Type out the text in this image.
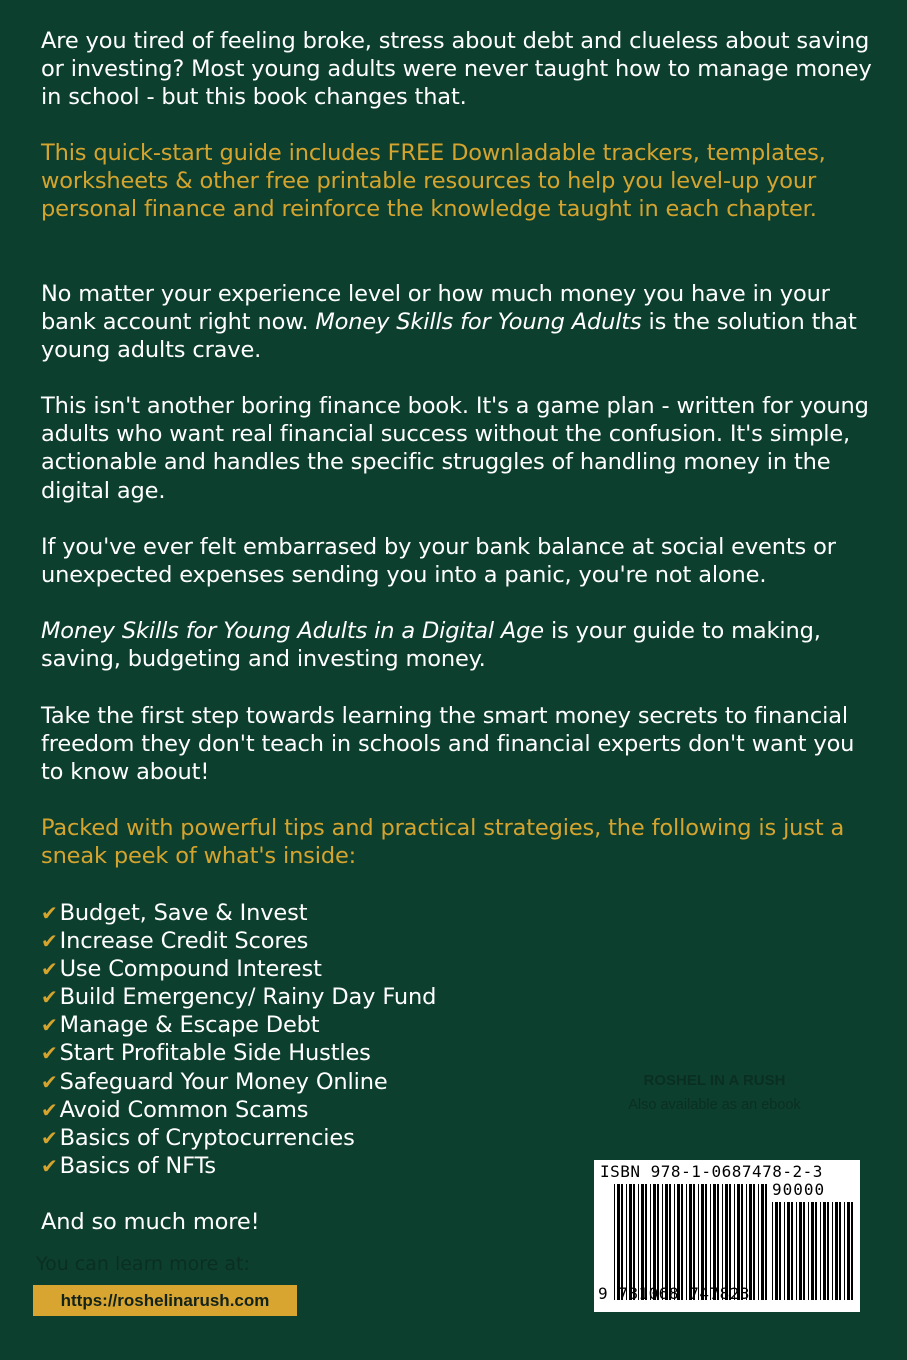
Are you tired of feeling broke, stress about debt and clueless about saving or investing? Most young adults were never taught how to manage money in school - but this book changes that.

This quick-start guide includes FREE Downladable trackers, templates, worksheets & other free printable resources to help you level-up your personal finance and reinforce the knowledge taught in each chapter.

No matter your experience level or how much money you have in your bank account right now. Money Skills for Young Adults is the solution that young adults crave.

This isn't another boring finance book. It's a game plan - written for young adults who want real financial success without the confusion. It's simple, actionable and handles the specific struggles of handling money in the digital age.

If you've ever felt embarrased by your bank balance at social events or unexpected expenses sending you into a panic, you're not alone.

Money Skills for Young Adults in a Digital Age is your guide to making, saving, budgeting and investing money.

Take the first step towards learning the smart money secrets to financial freedom they don't teach in schools and financial experts don't want you to know about!

Packed with powerful tips and practical strategies, the following is just a sneak peek of what's inside:

✔Budget, Save & Invest
✔Increase Credit Scores
✔Use Compound Interest
✔Build Emergency/ Rainy Day Fund
✔Manage & Escape Debt
✔Start Profitable Side Hustles
✔Safeguard Your Money Online
✔Avoid Common Scams
✔Basics of Cryptocurrencies
✔Basics of NFTs

And so much more!

You can learn more at:
https://roshelinarush.com
ROSHEL IN A RUSH
Also available as an ebook
ISBN 978-1-0687478-2-3
90000
9 781068 747823
